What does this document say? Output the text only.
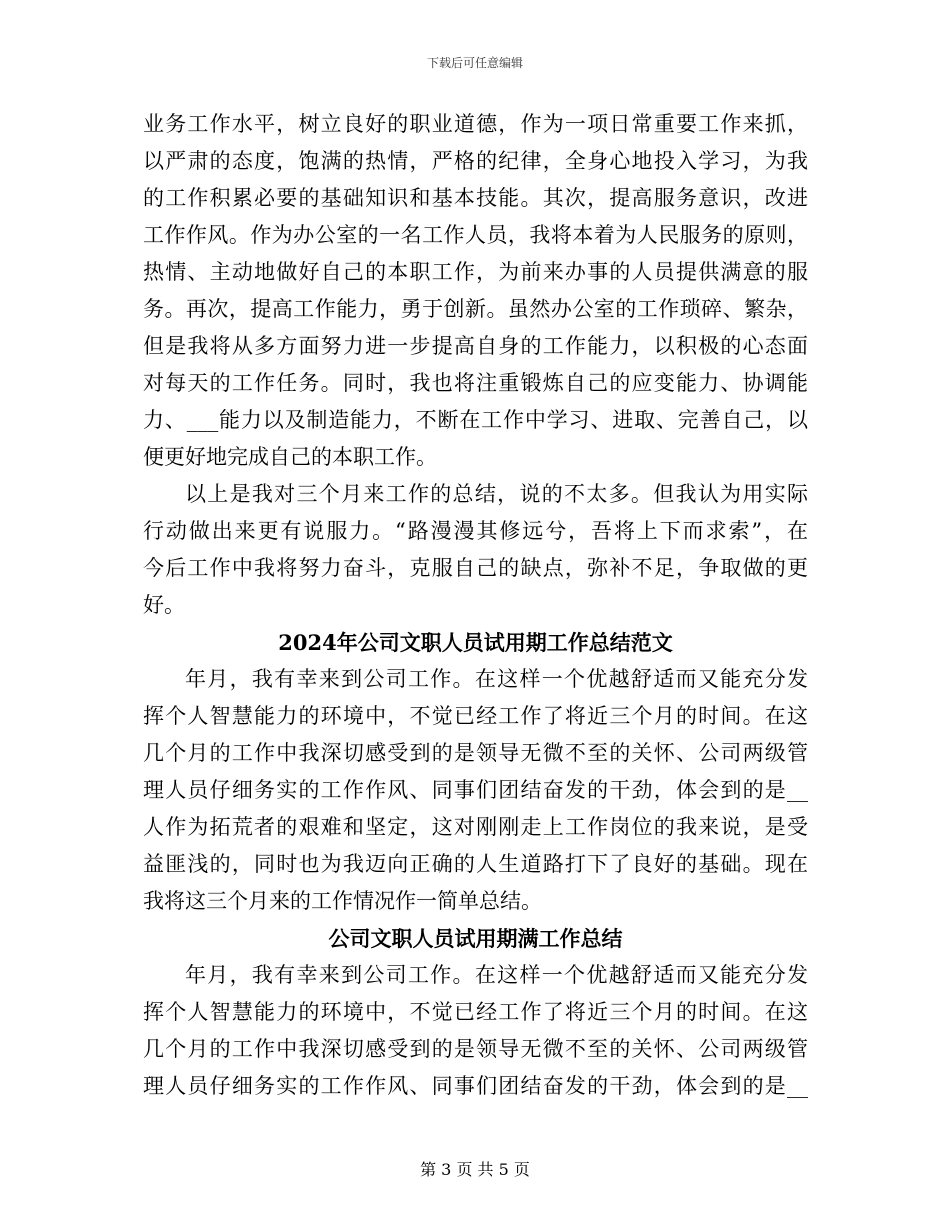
下载后可任意编辑
业务工作水平，树立良好的职业道德，作为一项日常重要工作来抓，
以严肃的态度，饱满的热情，严格的纪律，全身心地投入学习，为我
的工作积累必要的基础知识和基本技能。其次，提高服务意识，改进
工作作风。作为办公室的一名工作人员，我将本着为人民服务的原则，
热情、主动地做好自己的本职工作，为前来办事的人员提供满意的服
务。再次，提高工作能力，勇于创新。虽然办公室的工作琐碎、繁杂，
但是我将从多方面努力进一步提高自身的工作能力，以积极的心态面
对每天的工作任务。同时，我也将注重锻炼自己的应变能力、协调能
力、___能力以及制造能力，不断在工作中学习、进取、完善自己，以
便更好地完成自己的本职工作。
以上是我对三个月来工作的总结，说的不太多。但我认为用实际
行动做出来更有说服力。“路漫漫其修远兮，吾将上下而求索”，在
今后工作中我将努力奋斗，克服自己的缺点，弥补不足，争取做的更
好。
2024年公司文职人员试用期工作总结范文
年月，我有幸来到公司工作。在这样一个优越舒适而又能充分发
挥个人智慧能力的环境中，不觉已经工作了将近三个月的时间。在这
几个月的工作中我深切感受到的是领导无微不至的关怀、公司两级管
理人员仔细务实的工作作风、同事们团结奋发的干劲，体会到的是__
人作为拓荒者的艰难和坚定，这对刚刚走上工作岗位的我来说，是受
益匪浅的，同时也为我迈向正确的人生道路打下了良好的基础。现在
我将这三个月来的工作情况作一简单总结。
公司文职人员试用期满工作总结
年月，我有幸来到公司工作。在这样一个优越舒适而又能充分发
挥个人智慧能力的环境中，不觉已经工作了将近三个月的时间。在这
几个月的工作中我深切感受到的是领导无微不至的关怀、公司两级管
理人员仔细务实的工作作风、同事们团结奋发的干劲，体会到的是__
第 3 页 共 5 页
